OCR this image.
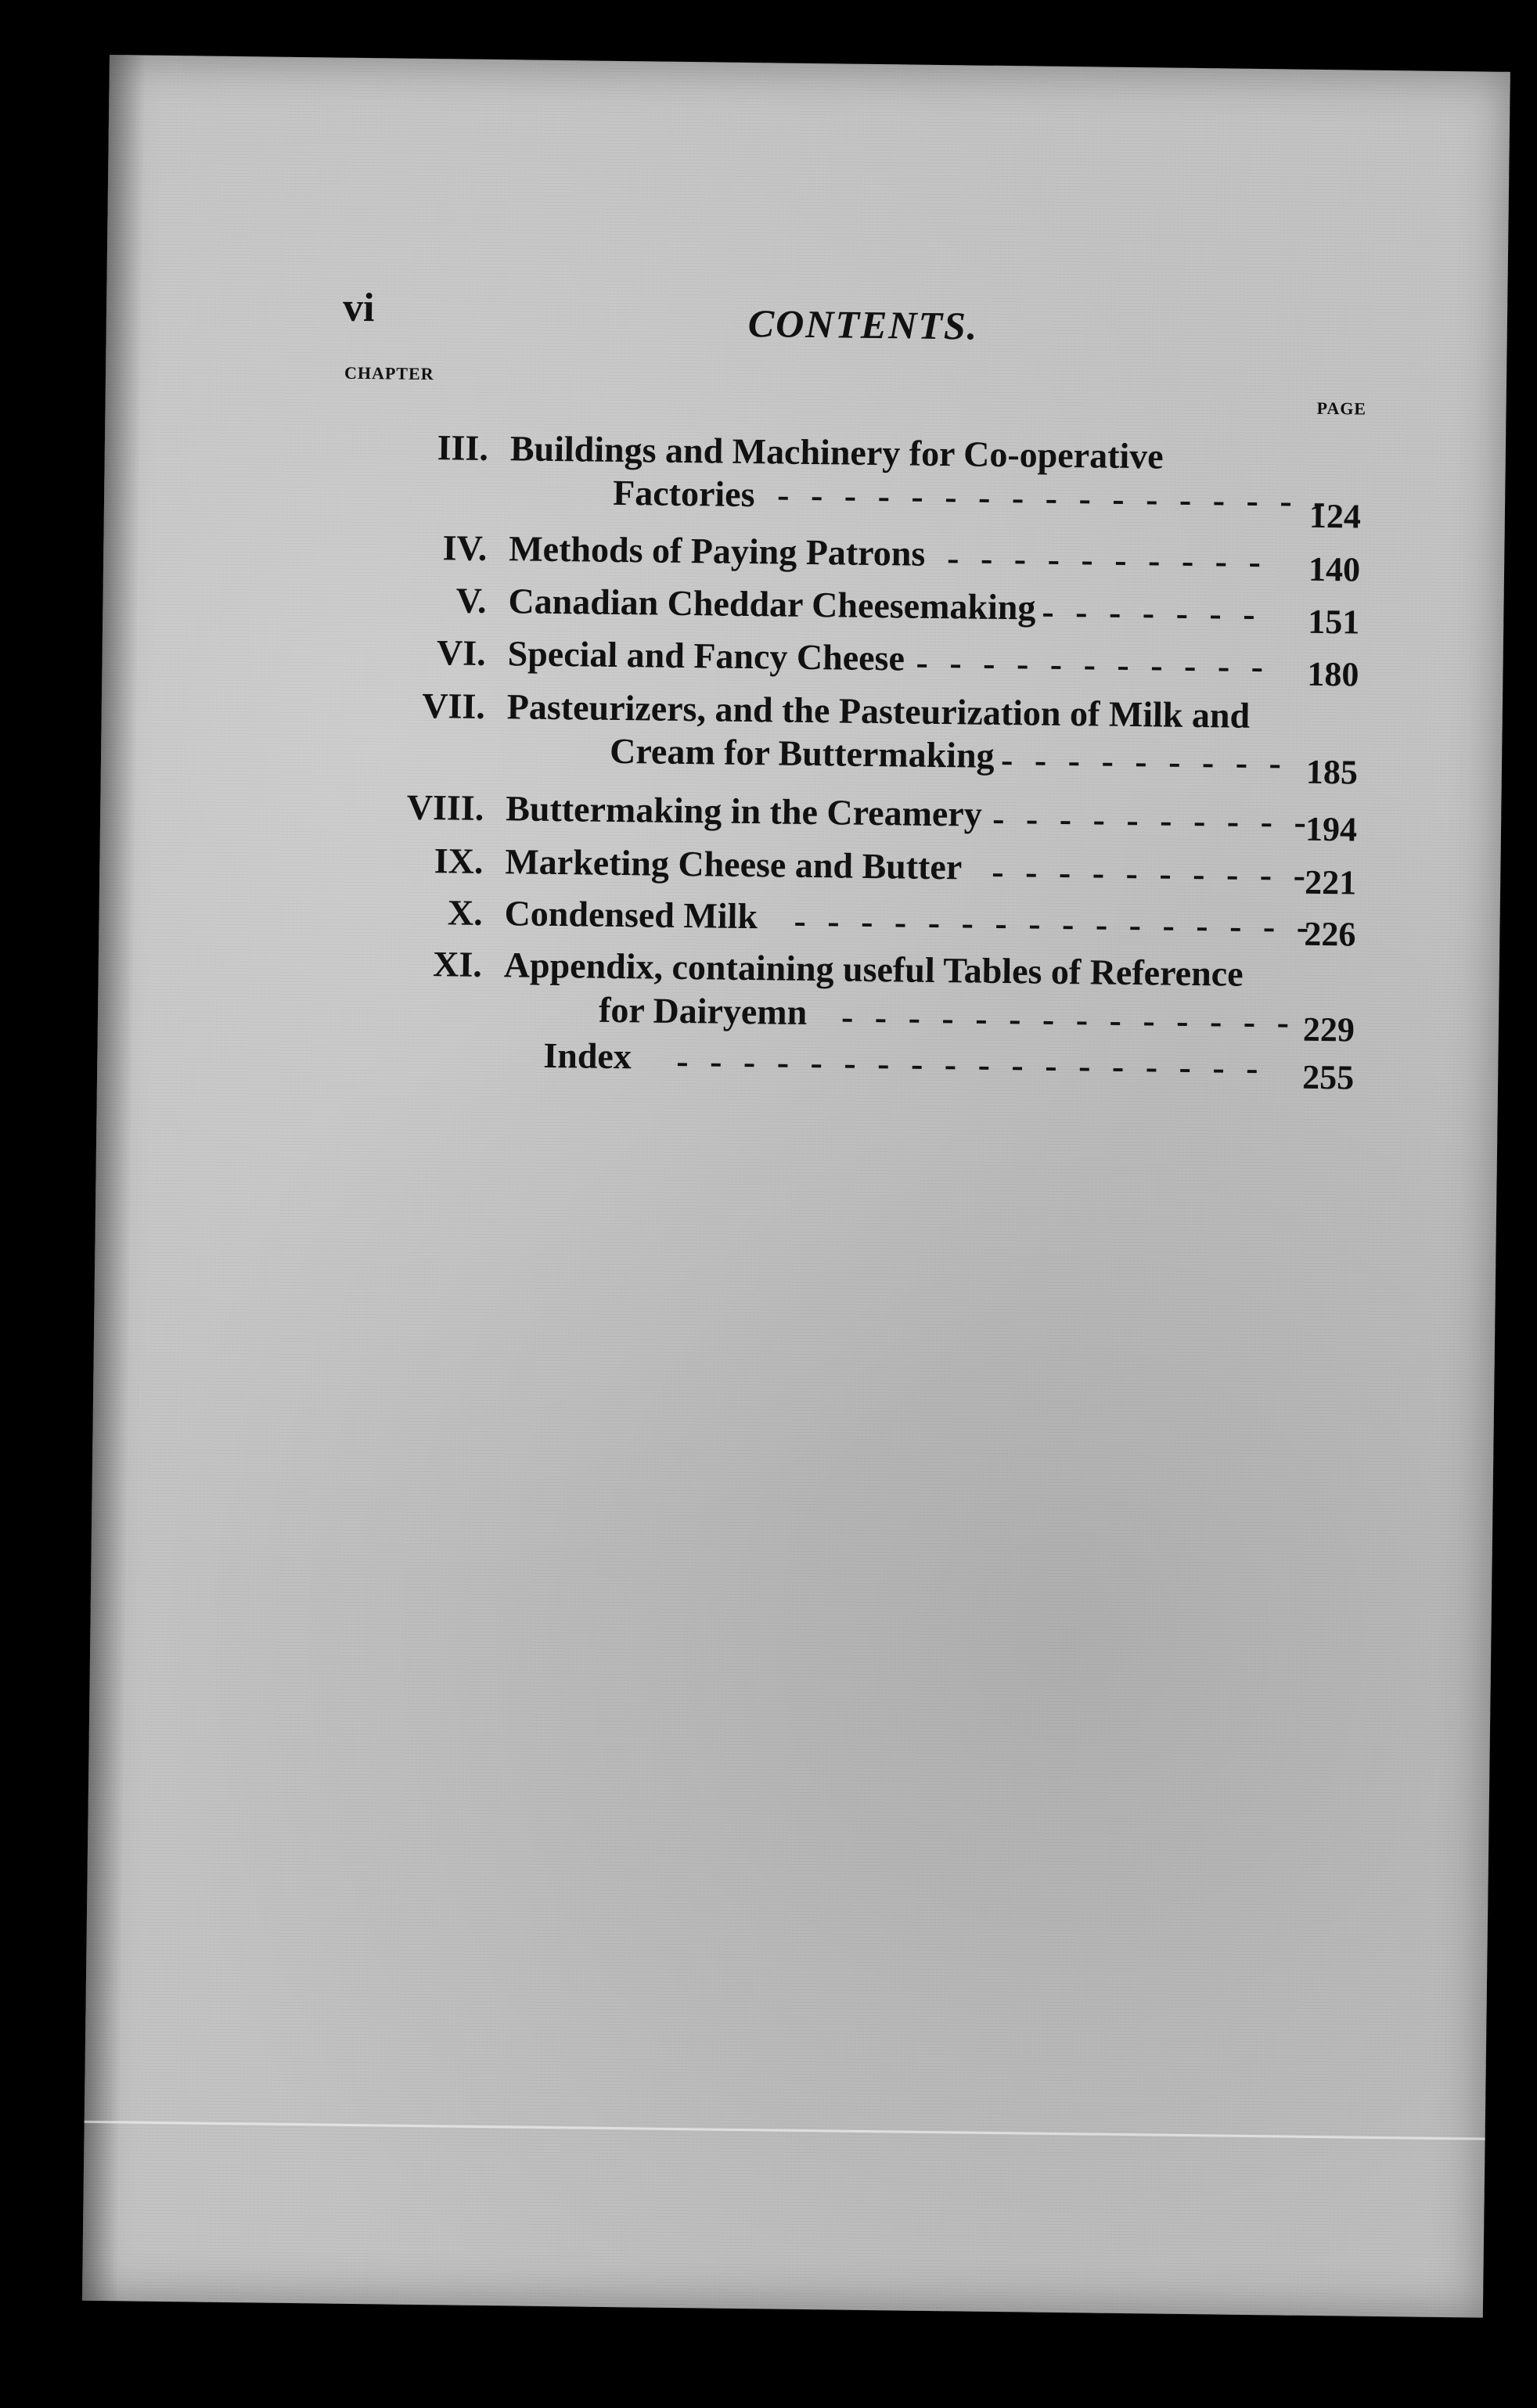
vi	CONTENTS.
CHAPTER
PAGE
III. Buildings and Machinery for Co-operative
Factories - - - - - - - - - - - - - - - - -
124
IV. Methods of Paying Patrons - - - - - - - - - - 140
V. Canadian Cheddar Cheesemaking - - - - - - - 151
VI. Special and Fancy Cheese - - - - - - - - - - - 180
VII. Pasteurizers, and the Pasteurization of Milk and
Cream for Buttermaking - - - - - - - - - 185
VIII. Buttermaking in the Creamery - - - - - - - - - -
194
IX. Marketing Cheese and Butter - - - - - - - - - -
221
X. Condensed Milk - - - - - - - - - - - - - - - -
226
XI. Appendix, containing useful Tables of Reference
for Dairyemn - - - - - - - - - - - - - - 229
Index - - - - - - - - - - - - - - - - - - 255
